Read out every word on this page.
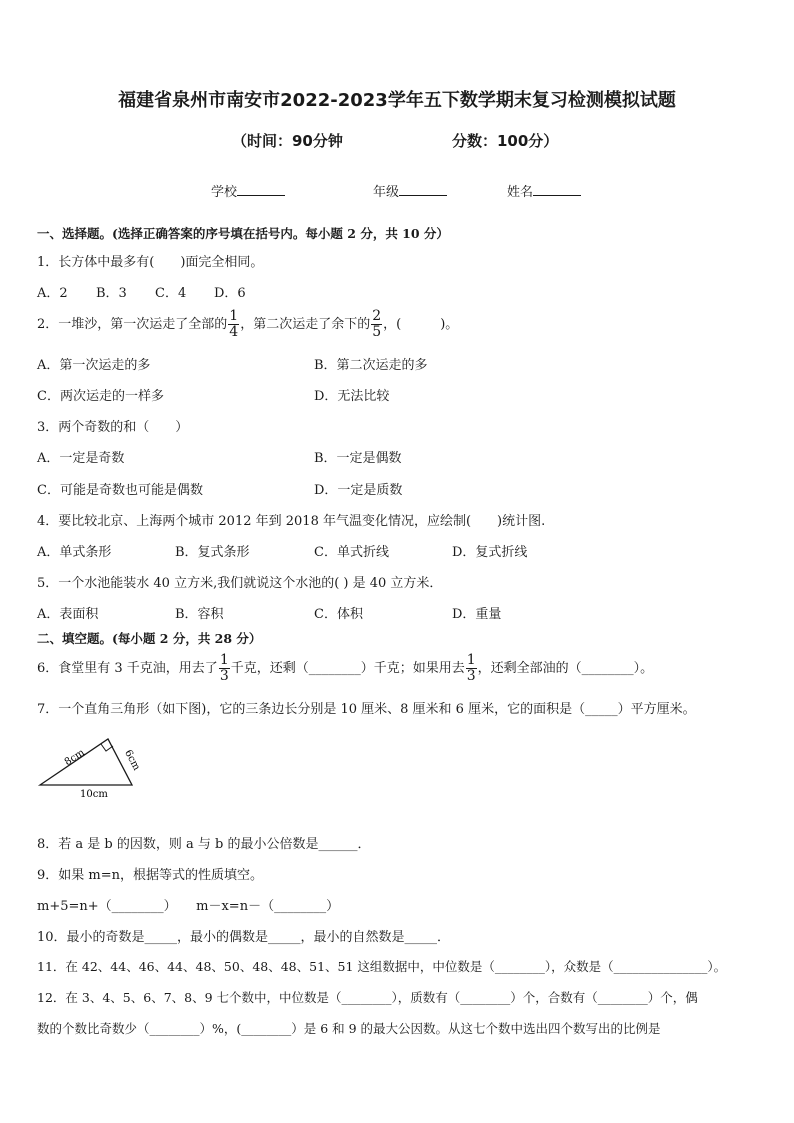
福建省泉州市南安市2022-2023学年五下数学期末复习检测模拟试题
（时间：90分钟	分数：100分）
学校	年级	姓名
一、选择题。(选择正确答案的序号填在括号内。每小题 2 分，共 10 分）
1．长方体中最多有(　　)面完全相同。
A．2 B．3 C．4 D．6
2．一堆沙，第一次运走了全部的 $\frac{1}{4}$ ，第二次运走了余下的 $\frac{2}{5}$ ，(　　　)。
A．第一次运走的多	B．第二次运走的多
C．两次运走的一样多	D．无法比较
3．两个奇数的和（　　）
A．一定是奇数	B．一定是偶数
C．可能是奇数也可能是偶数	D．一定是质数
4．要比较北京、上海两个城市 2012 年到 2018 年气温变化情况，应绘制(　　)统计图.
A．单式条形	B．复式条形	C．单式折线	D．复式折线
5．一个水池能装水 40 立方米,我们就说这个水池的( ) 是 40 立方米．
A．表面积	B．容积	C．体积	D．重量
二、填空题。(每小题 2 分，共 28 分）
6．食堂里有 3 千克油，用去了 $\frac{1}{3}$ 千克，还剩（________）千克；如果用去 $\frac{1}{3}$ ，还剩全部油的（________）。
7．一个直角三角形（如下图)，它的三条边长分别是 10 厘米、8 厘米和 6 厘米，它的面积是（_____）平方厘米。
8cm	6cm
10cm
8．若 a 是 b 的因数，则 a 与 b 的最小公倍数是______．
9．如果 m=n，根据等式的性质填空。
m+5=n+（________）　　m－x=n－（________）
10．最小的奇数是_____，最小的偶数是_____，最小的自然数是_____．
11．在 42、44、46、44、48、50、48、48、51、51 这组数据中，中位数是（________），众数是（_______________）。
12．在 3、4、5、6、7、8、9 七个数中，中位数是（________），质数有（________）个，合数有（________）个，偶
数的个数比奇数少（________）%，(________）是 6 和 9 的最大公因数。从这七个数中选出四个数写出的比例是
